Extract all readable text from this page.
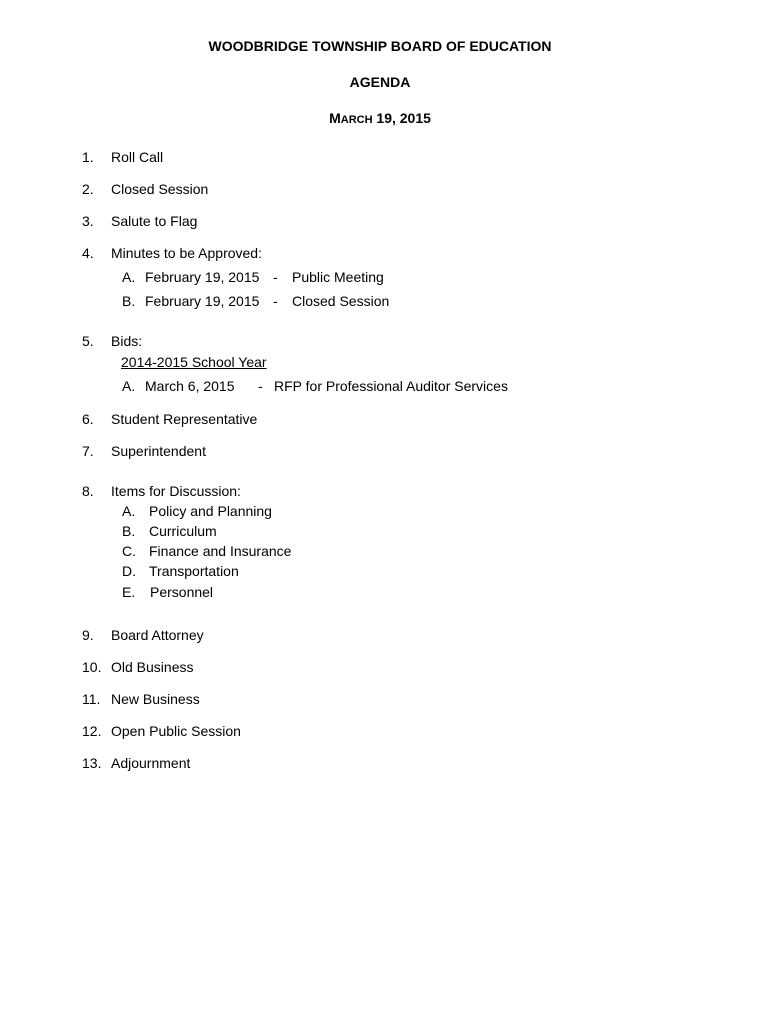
WOODBRIDGE TOWNSHIP BOARD OF EDUCATION
AGENDA
MARCH 19, 2015
1. Roll Call
2. Closed Session
3. Salute to Flag
4. Minutes to be Approved:
A. February 19, 2015 - Public Meeting
B. February 19, 2015 - Closed Session
5. Bids:
2014-2015 School Year
A. March 6, 2015 - RFP for Professional Auditor Services
6. Student Representative
7. Superintendent
8. Items for Discussion:
A. Policy and Planning
B. Curriculum
C. Finance and Insurance
D. Transportation
E. Personnel
9. Board Attorney
10. Old Business
11. New Business
12. Open Public Session
13. Adjournment
